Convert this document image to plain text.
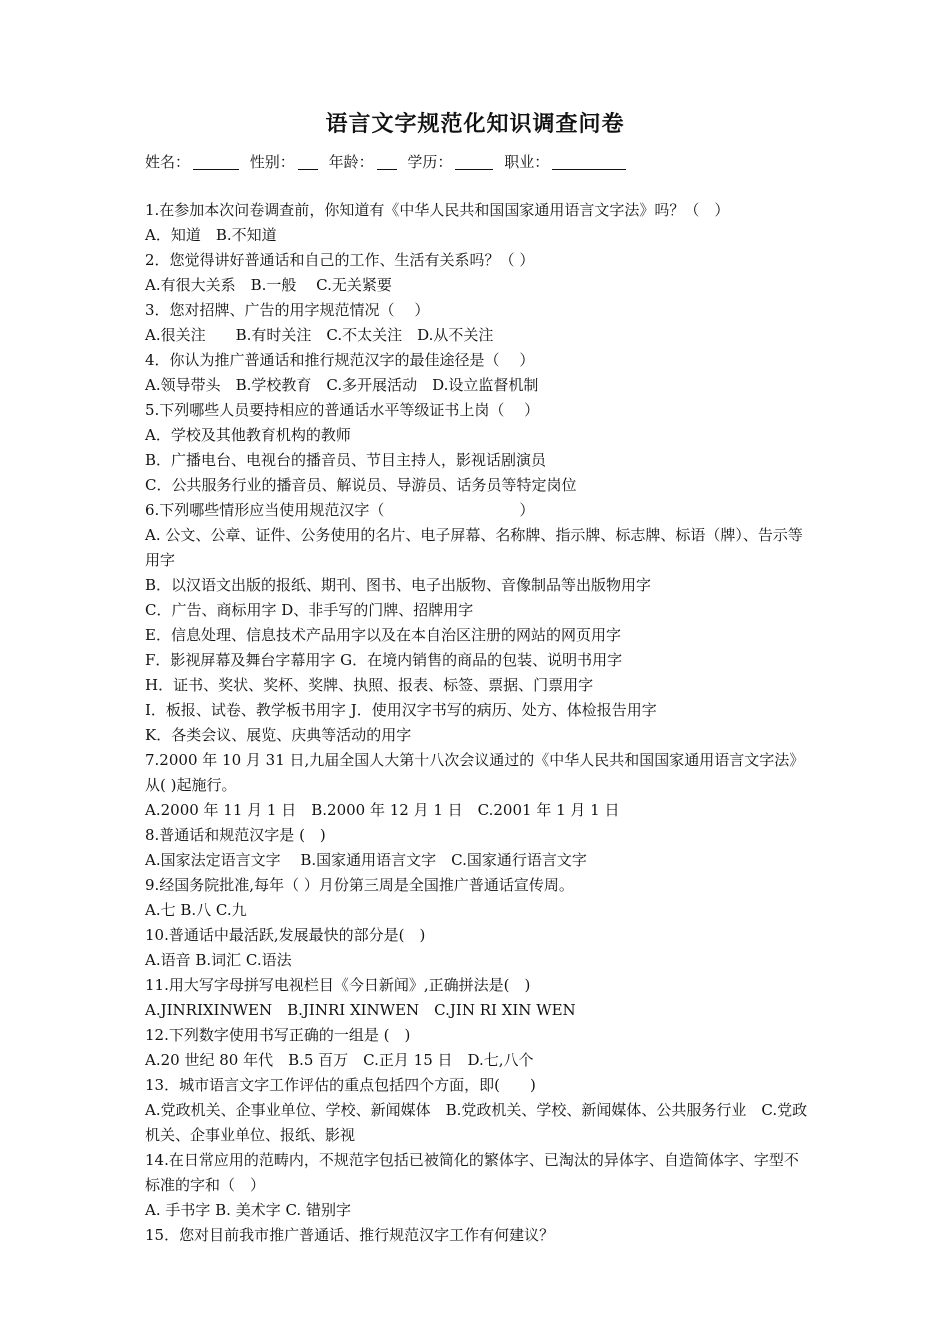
语言文字规范化知识调查问卷
姓名：	性别： 年龄： 学历：	职业：

1.在参加本次问卷调查前，你知道有《中华人民共和国国家通用语言文字法》吗？（　）

A．知道　B.不知道

2．您觉得讲好普通话和自己的工作、生活有关系吗？（ ）

A.有很大关系　B.一般　 C.无关紧要

3．您对招牌、广告的用字规范情况（　 ）

A.很关注　　B.有时关注　C.不太关注　D.从不关注

4．你认为推广普通话和推行规范汉字的最佳途径是（　 ）

A.领导带头　B.学校教育　C.多开展活动　D.设立监督机制

5.下列哪些人员要持相应的普通话水平等级证书上岗（　 ）

A．学校及其他教育机构的教师

B．广播电台、电视台的播音员、节目主持人，影视话剧演员

C．公共服务行业的播音员、解说员、导游员、话务员等特定岗位

6.下列哪些情形应当使用规范汉字（　　　　　　　　　）

A. 公文、公章、证件、公务使用的名片、电子屏幕、名称牌、指示牌、标志牌、标语（牌）、告示等用字

B．以汉语文出版的报纸、期刊、图书、电子出版物、音像制品等出版物用字

C．广告、商标用字 D、非手写的门牌、招牌用字

E．信息处理、信息技术产品用字以及在本自治区注册的网站的网页用字

F．影视屏幕及舞台字幕用字 G．在境内销售的商品的包装、说明书用字

H．证书、奖状、奖杯、奖牌、执照、报表、标签、票据、门票用字

I．板报、试卷、教学板书用字 J．使用汉字书写的病历、处方、体检报告用字

K．各类会议、展览、庆典等活动的用字

7.2000 年 10 月 31 日,九届全国人大第十八次会议通过的《中华人民共和国国家通用语言文字法》从( )起施行。

A.2000 年 11 月 1 日　B.2000 年 12 月 1 日　C.2001 年 1 月 1 日

8.普通话和规范汉字是 (　)

A.国家法定语言文字　 B.国家通用语言文字　C.国家通行语言文字

9.经国务院批准,每年（ ）月份第三周是全国推广普通话宣传周。

A.七 B.八 C.九

10.普通话中最活跃,发展最快的部分是(　)

A.语音 B.词汇 C.语法

11.用大写字母拼写电视栏目《今日新闻》,正确拼法是(　)

A.JINRIXINWEN　B.JINRI XINWEN　C.JIN RI XIN WEN

12.下列数字使用书写正确的一组是 (　)

A.20 世纪 80 年代　B.5 百万　C.正月 15 日　D.七,八个

13．城市语言文字工作评估的重点包括四个方面，即(　　)

A.党政机关、企事业单位、学校、新闻媒体　B.党政机关、学校、新闻媒体、公共服务行业　C.党政机关、企事业单位、报纸、影视

14.在日常应用的范畴内，不规范字包括已被简化的繁体字、已淘汰的异体字、自造简体字、字型不标准的字和（　）

A. 手书字 B. 美术字 C. 错别字

15．您对目前我市推广普通话、推行规范汉字工作有何建议？
